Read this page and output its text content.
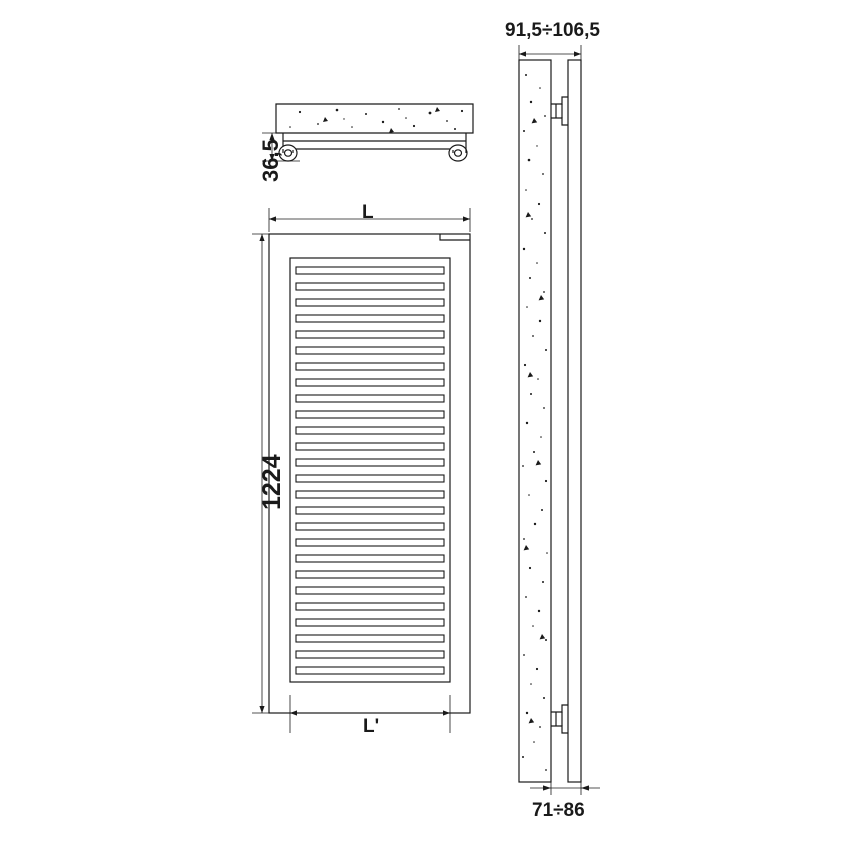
91,5÷106,5
71÷86
36,5
1224
L
L'
